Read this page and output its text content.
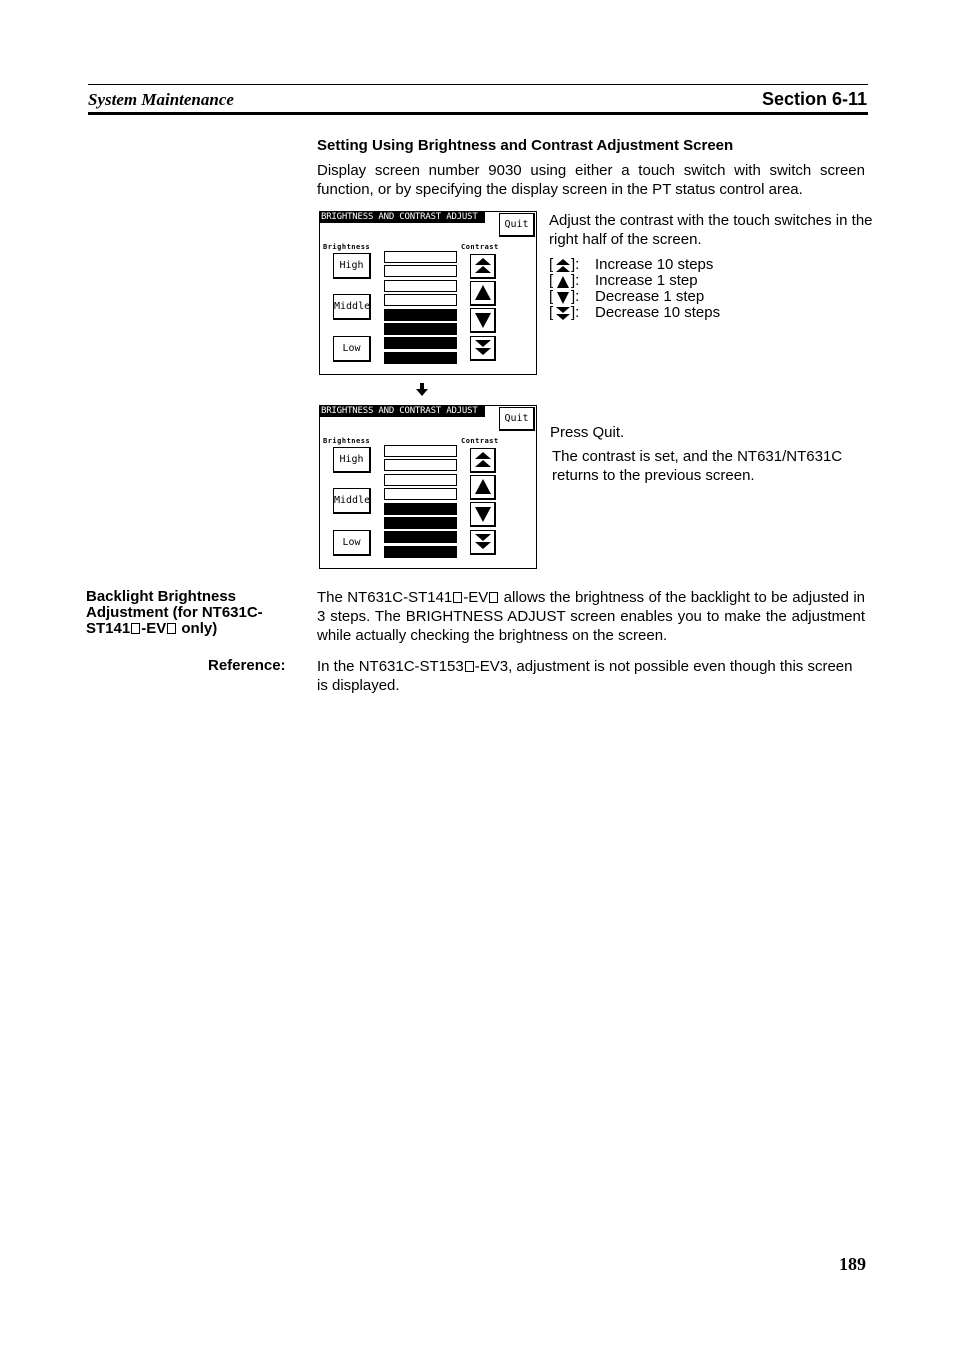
System Maintenance	Section 6-11
Setting Using Brightness and Contrast Adjustment Screen
Display screen number 9030 using either a touch switch with switch screen function, or by specifying the display screen in the PT status control area.
BRIGHTNESS AND CONTRAST ADJUST
Quit
Brightness	Contrast
High
Middle
Low
BRIGHTNESS AND CONTRAST ADJUST
Quit
Brightness	Contrast
High
Middle
Low
Adjust the contrast with the touch switches in the right half of the screen.
[ ]: Increase 10 steps
[ ]: Increase 1 step
[ ]: Decrease 1 step
[ ]: Decrease 10 steps
Press Quit.
The contrast is set, and the NT631/NT631C returns to the previous screen.
Backlight Brightness
Adjustment (for NT631C-
ST141 -EV only)
The NT631C-ST141 -EV allows the brightness of the backlight to be adjusted in 3 steps. The BRIGHTNESS ADJUST screen enables you to make the adjustment while actually checking the brightness on the screen.
Reference: In the NT631C-ST153 -EV3, adjustment is not possible even though this screen is displayed.
189
